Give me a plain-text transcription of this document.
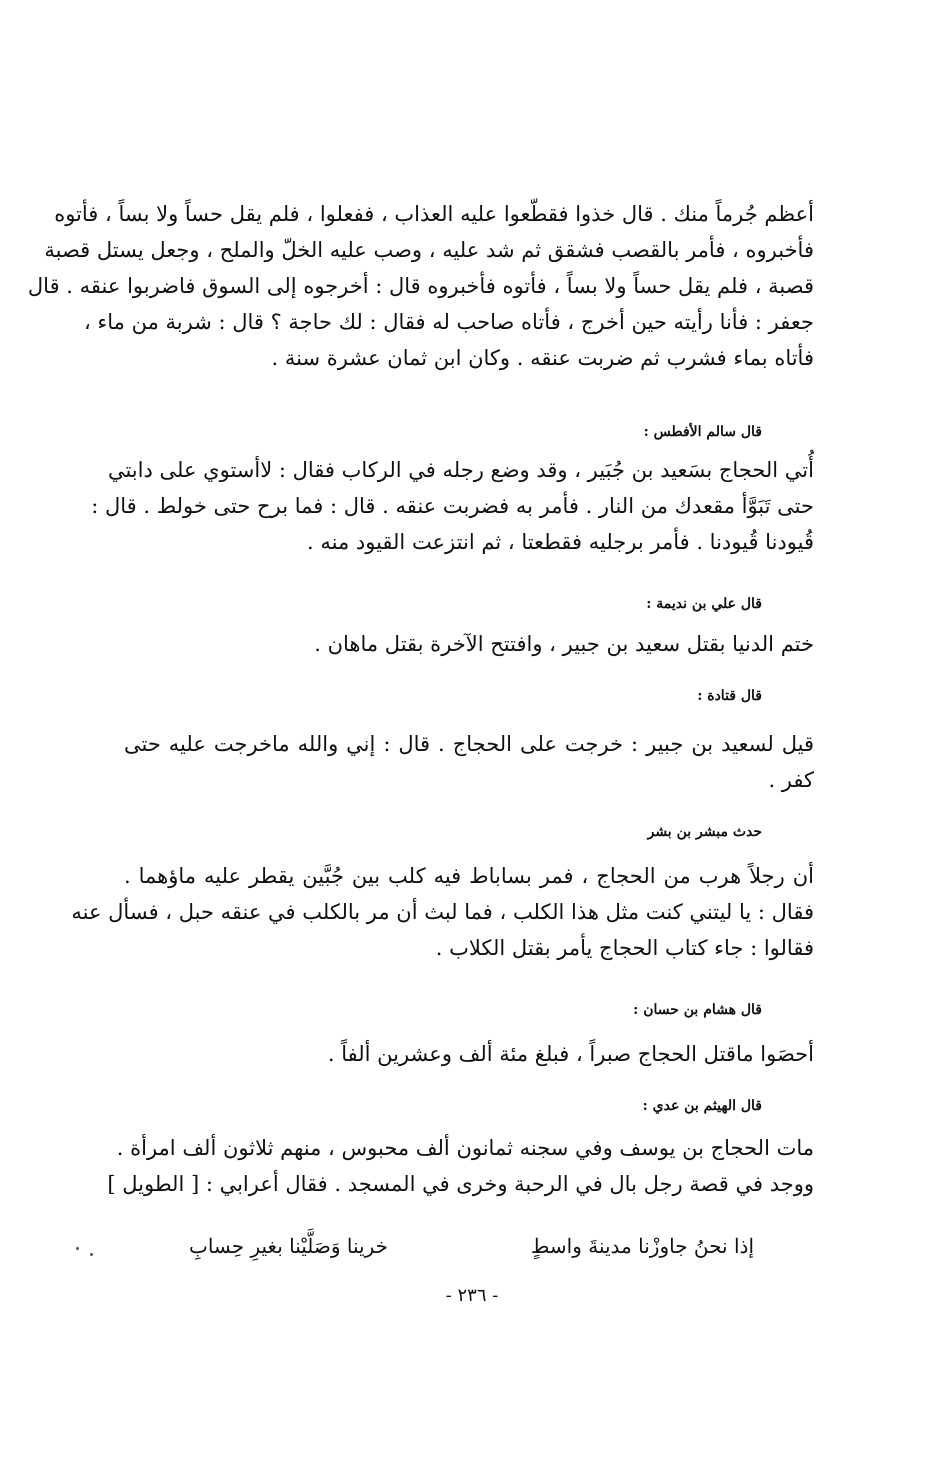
أعظم جُرماً منك . قال خذوا فقطّعوا عليه العذاب ، ففعلوا ، فلم يقل حساً ولا بساً ، فأتوه
فأخبروه ، فأمر بالقصب فشقق ثم شد عليه ، وصب عليه الخلّ والملح ، وجعل يستل قصبة
قصبة ، فلم يقل حساً ولا بساً ، فأتوه فأخبروه قال : أخرجوه إلى السوق فاضربوا عنقه . قال
جعفر : فأنا رأيته حين أخرج ، فأتاه صاحب له فقال : لك حاجة ؟ قال : شربة من ماء ،
فأتاه بماء فشرب ثم ضربت عنقه . وكان ابن ثمان عشرة سنة .
قال سالم الأفطس :
أُتي الحجاج بسَعيد بن جُبَير ، وقد وضع رجله في الركاب فقال : لاأستوي على دابتي
حتى تَبَوَّأ مقعدك من النار . فأمر به فضربت عنقه . قال : فما برح حتى خولط . قال :
قُيودنا قُيودنا . فأمر برجليه فقطعتا ، ثم انتزعت القيود منه .
قال علي بن نديمة :
ختم الدنيا بقتل سعيد بن جبير ، وافتتح الآخرة بقتل ماهان .
قال قتادة :
قيل لسعيد بن جبير : خرجت على الحجاج . قال : إني والله ماخرجت عليه حتى
كفر .
حدث مبشر بن بشر
أن رجلاً هرب من الحجاج ، فمر بساباط فيه كلب بين جُبَّين يقطر عليه ماؤهما .
فقال : يا ليتني كنت مثل هذا الكلب ، فما لبث أن مر بالكلب في عنقه حبل ، فسأل عنه
فقالوا : جاء كتاب الحجاج يأمر بقتل الكلاب .
قال هشام بن حسان :
أحصَوا ماقتل الحجاج صبراً ، فبلغ مئة ألف وعشرين ألفاً .
قال الهيثم بن عدي :
مات الحجاج بن يوسف وفي سجنه ثمانون ألف محبوس ، منهم ثلاثون ألف امرأة .
ووجد في قصة رجل بال في الرحبة وخرى في المسجد . فقال أعرابي : [ الطويل ]
إذا نحنُ جاوزْنا مدينةَ واسطٍ
خرينا وَصَلَّيْنا بغيرِ حِسابِ
- ٢٣٦ -
